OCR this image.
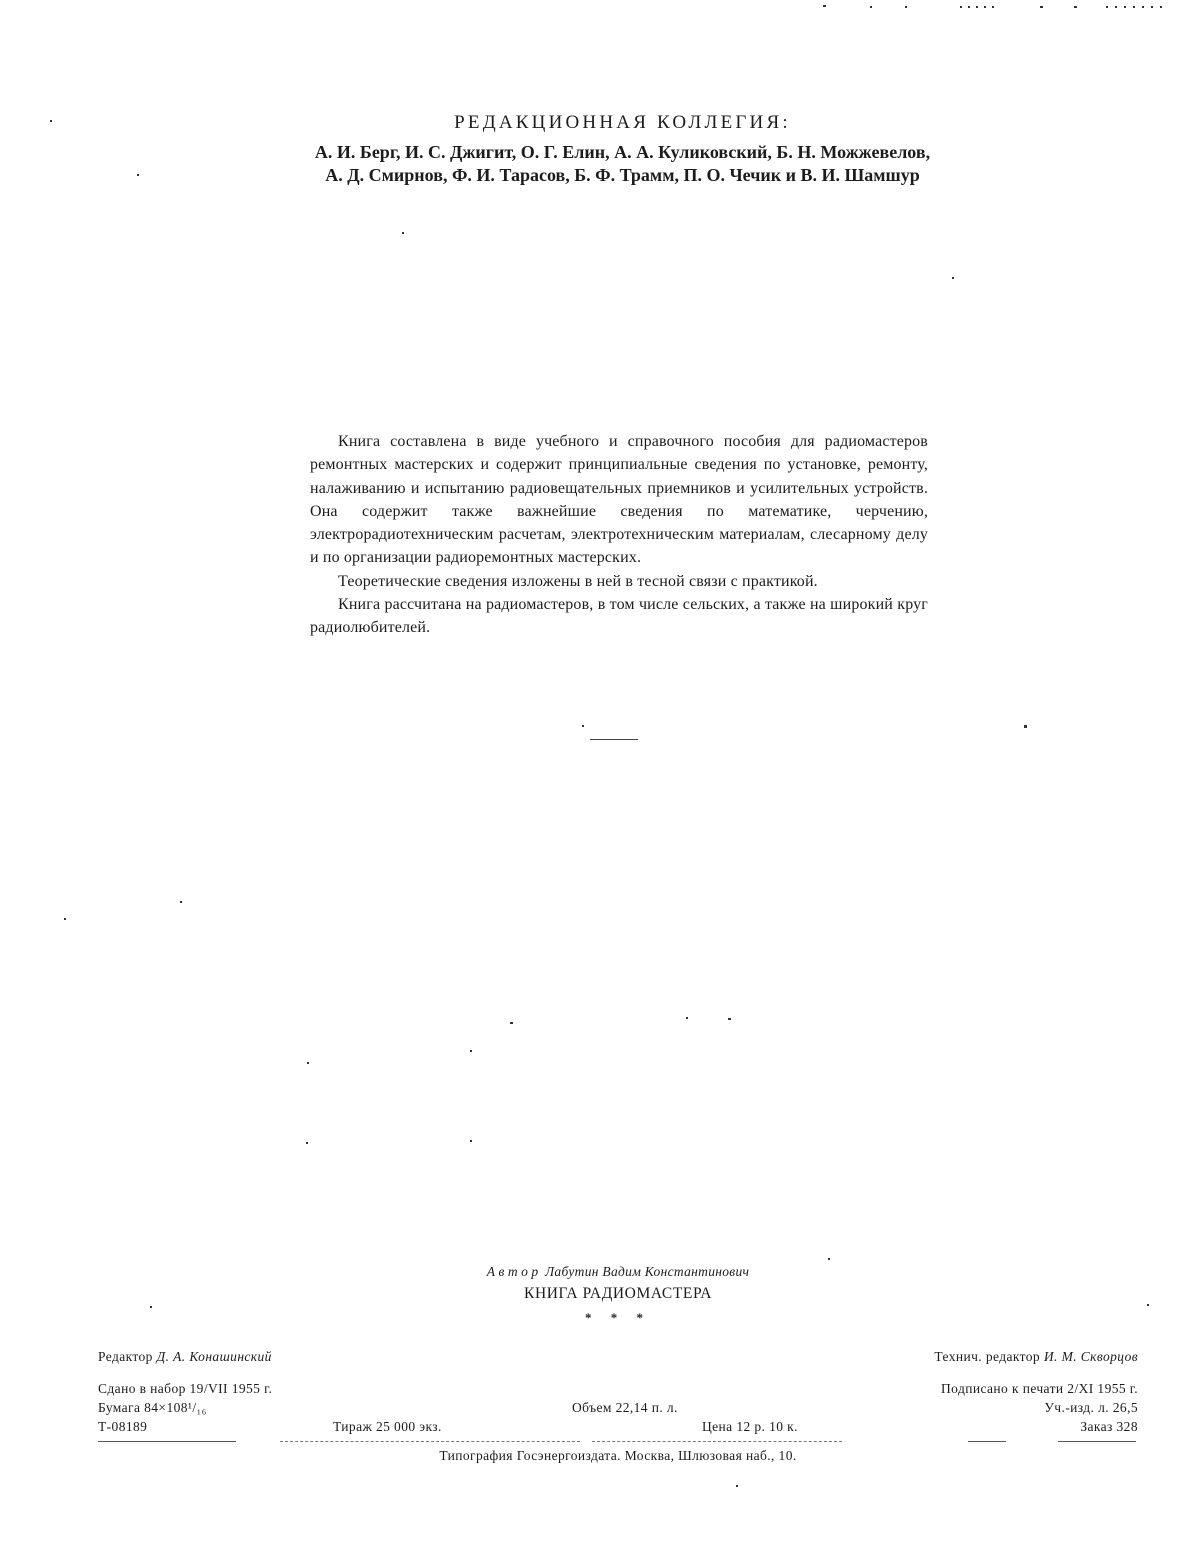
РЕДАКЦИОННАЯ КОЛЛЕГИЯ:
А. И. Берг, И. С. Джигит, О. Г. Елин, А. А. Куликовский, Б. Н. Можжевелов,
А. Д. Смирнов, Ф. И. Тарасов, Б. Ф. Трамм, П. О. Чечик и В. И. Шамшур

Книга составлена в виде учебного и справочного пособия для радиомастеров ремонтных мастерских и содержит принципиальные сведения по установке, ремонту, налаживанию и испытанию радиовещательных приемников и усилительных устройств. Она содержит также важнейшие сведения по математике, черчению, электрорадиотехническим расчетам, электротехническим материалам, слесарному делу и по организации радиоремонтных мастерских.

Теоретические сведения изложены в ней в тесной связи с практикой.

Книга рассчитана на радиомастеров, в том числе сельских, а также на широкий круг радиолюбителей.

Автор Лабутин Вадим Константинович
КНИГА РАДИОМАСТЕРА
* * *
Редактор Д. А. Конашинский	Технич. редактор И. М. Скворцов
Сдано в набор 19/VII 1955 г.	Подписано к печати 2/XI 1955 г.
Бумага 84×108¹/₁₆	Объем 22,14 п. л.	Уч.-изд. л. 26,5
Т-08189	Тираж 25 000 экз.	Цена 12 р. 10 к.	Заказ 328
Типография Госэнергоиздата. Москва, Шлюзовая наб., 10.
